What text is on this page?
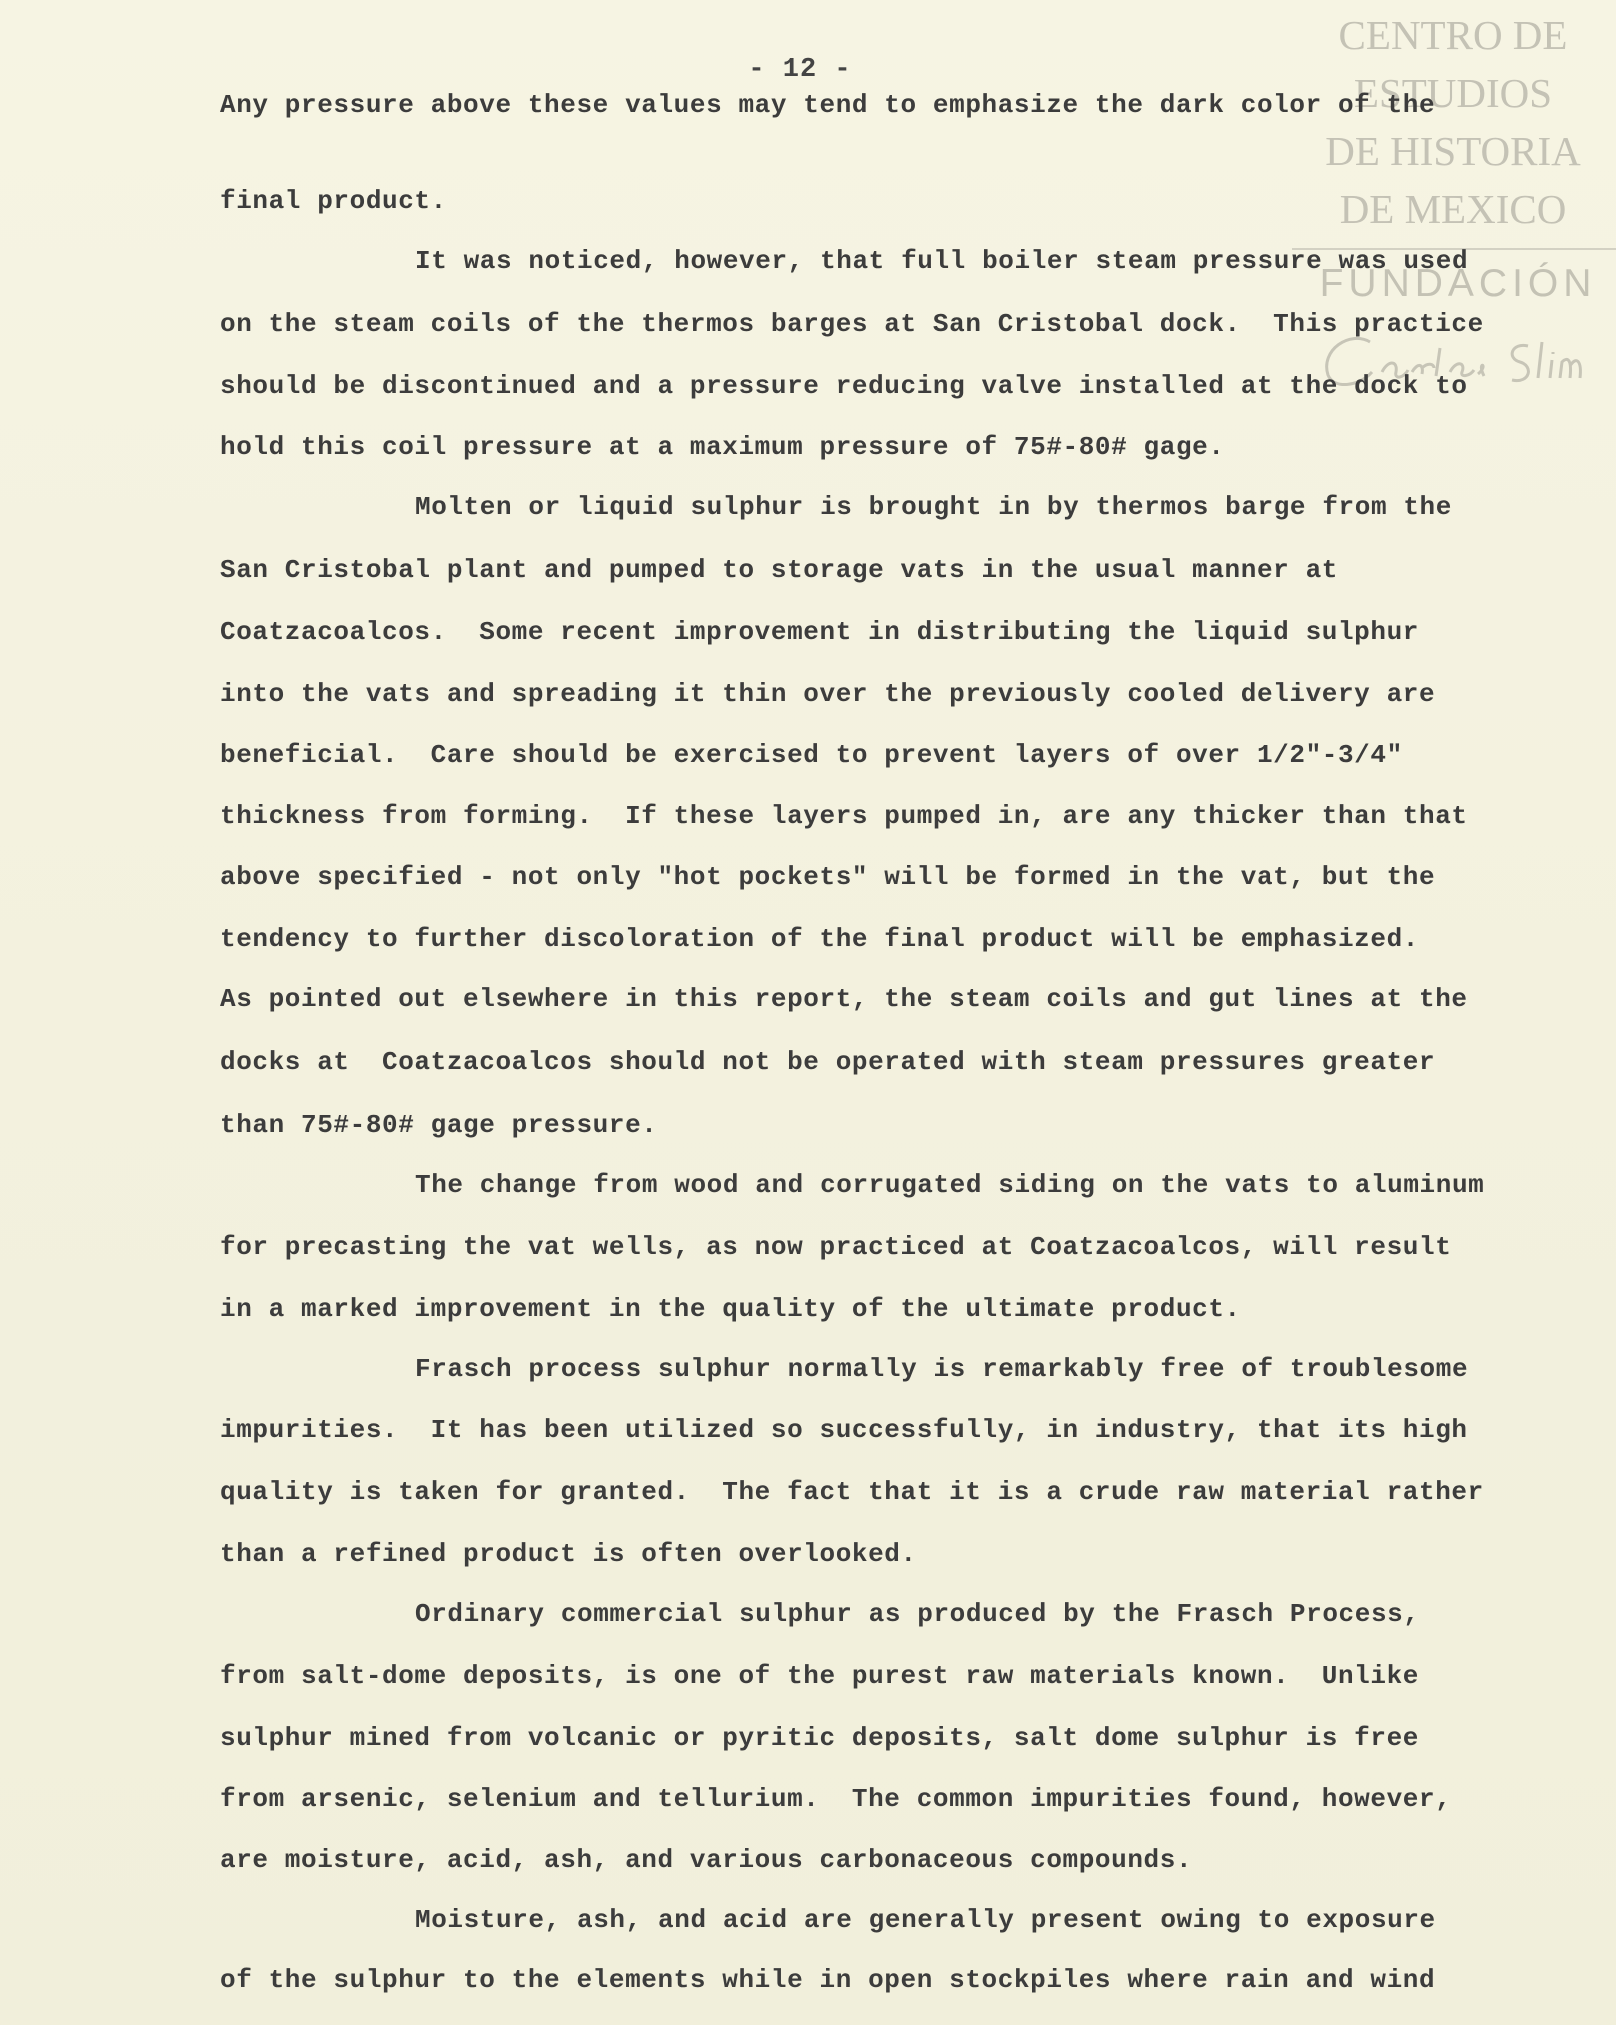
- 12 -
CENTRO DE
ESTUDIOS
DE HISTORIA
DE MEXICO
FUNDACIÓN
Any pressure above these values may tend to emphasize the dark color of the
final product.
It was noticed, however, that full boiler steam pressure was used
on the steam coils of the thermos barges at San Cristobal dock.  This practice
should be discontinued and a pressure reducing valve installed at the dock to
hold this coil pressure at a maximum pressure of 75#-80# gage.
Molten or liquid sulphur is brought in by thermos barge from the
San Cristobal plant and pumped to storage vats in the usual manner at
Coatzacoalcos.  Some recent improvement in distributing the liquid sulphur
into the vats and spreading it thin over the previously cooled delivery are
beneficial.  Care should be exercised to prevent layers of over 1/2"-3/4"
thickness from forming.  If these layers pumped in, are any thicker than that
above specified - not only "hot pockets" will be formed in the vat, but the
tendency to further discoloration of the final product will be emphasized.
As pointed out elsewhere in this report, the steam coils and gut lines at the
docks at  Coatzacoalcos should not be operated with steam pressures greater
than 75#-80# gage pressure.
The change from wood and corrugated siding on the vats to aluminum
for precasting the vat wells, as now practiced at Coatzacoalcos, will result
in a marked improvement in the quality of the ultimate product.
Frasch process sulphur normally is remarkably free of troublesome
impurities.  It has been utilized so successfully, in industry, that its high
quality is taken for granted.  The fact that it is a crude raw material rather
than a refined product is often overlooked.
Ordinary commercial sulphur as produced by the Frasch Process,
from salt-dome deposits, is one of the purest raw materials known.  Unlike
sulphur mined from volcanic or pyritic deposits, salt dome sulphur is free
from arsenic, selenium and tellurium.  The common impurities found, however,
are moisture, acid, ash, and various carbonaceous compounds.
Moisture, ash, and acid are generally present owing to exposure
of the sulphur to the elements while in open stockpiles where rain and wind
